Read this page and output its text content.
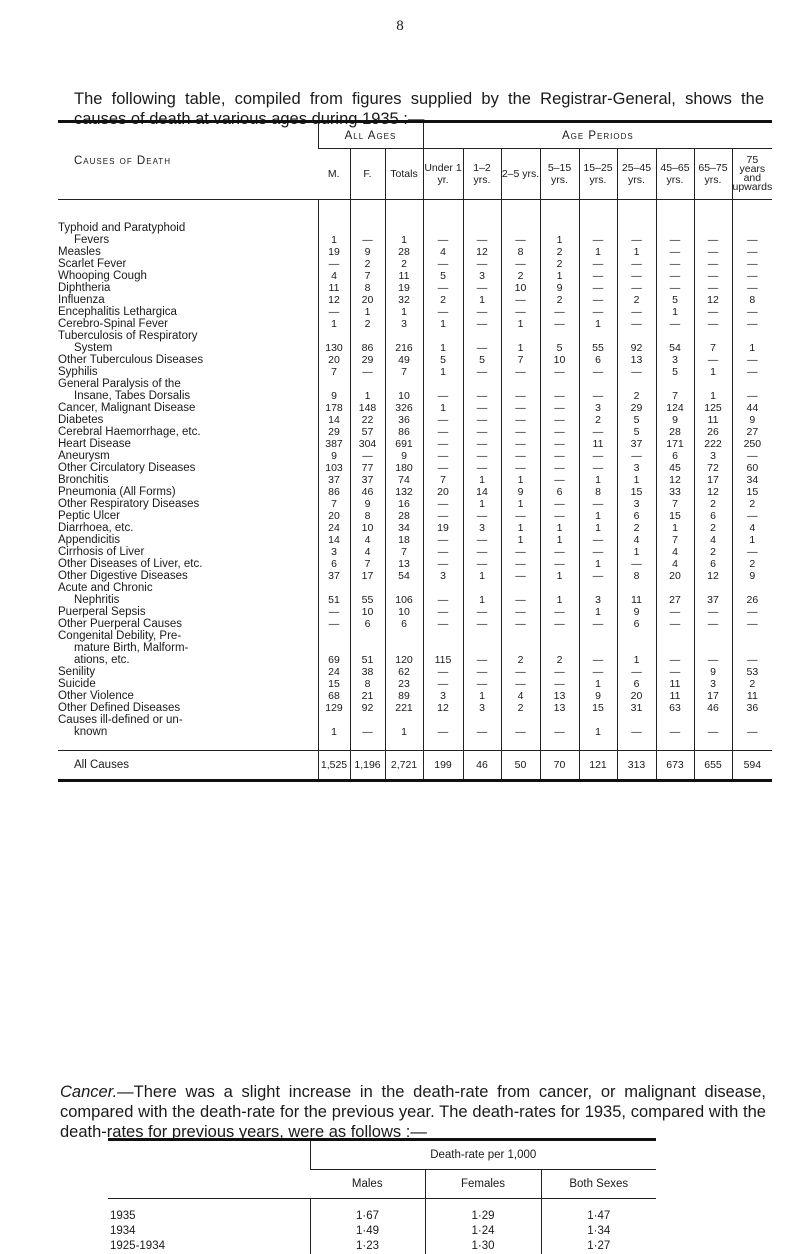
8

The following table, compiled from figures supplied by the Registrar-General, shows the causes of death at various ages during 1935 :—

Causes of Death	All Ages			Age Periods								
	M.	F.	Totals	Under 1 yr.	1–2 yrs.	2–5 yrs.	5–15 yrs.	15–25 yrs.	25–45 yrs.	45–65 yrs.	65–75 yrs.	75 years and upwards

Typhoid and Paratyphoid												
Fevers	1	—	1	—	—	—	1	—	—	—	—	—
Measles	19	9	28	4	12	8	2	1	1	—	—	—
Scarlet Fever	—	2	2	—	—	—	2	—	—	—	—	—
Whooping Cough	4	7	11	5	3	2	1	—	—	—	—	—
Diphtheria	11	8	19	—	—	10	9	—	—	—	—	—
Influenza	12	20	32	2	1	—	2	—	2	5	12	8
Encephalitis Lethargica	—	1	1	—	—	—	—	—	—	1	—	—
Cerebro-Spinal Fever	1	2	3	1	—	1	—	1	—	—	—	—
Tuberculosis of Respiratory												
System	130	86	216	1	—	1	5	55	92	54	7	1
Other Tuberculous Diseases	20	29	49	5	5	7	10	6	13	3	—	—
Syphilis	7	—	7	1	—	—	—	—	—	5	1	—
General Paralysis of the												
Insane, Tabes Dorsalis	9	1	10	—	—	—	—	—	2	7	1	—
Cancer, Malignant Disease	178	148	326	1	—	—	—	3	29	124	125	44
Diabetes	14	22	36	—	—	—	—	2	5	9	11	9
Cerebral Haemorrhage, etc.	29	57	86	—	—	—	—	—	5	28	26	27
Heart Disease	387	304	691	—	—	—	—	11	37	171	222	250
Aneurysm	9	—	9	—	—	—	—	—	—	6	3	—
Other Circulatory Diseases	103	77	180	—	—	—	—	—	3	45	72	60
Bronchitis	37	37	74	7	1	1	—	1	1	12	17	34
Pneumonia (All Forms)	86	46	132	20	14	9	6	8	15	33	12	15
Other Respiratory Diseases	7	9	16	—	1	1	—	—	3	7	2	2
Peptic Ulcer	20	8	28	—	—	—	—	1	6	15	6	—
Diarrhoea, etc.	24	10	34	19	3	1	1	1	2	1	2	4
Appendicitis	14	4	18	—	—	1	1	—	4	7	4	1
Cirrhosis of Liver	3	4	7	—	—	—	—	—	1	4	2	—
Other Diseases of Liver, etc.	6	7	13	—	—	—	—	1	—	4	6	2
Other Digestive Diseases	37	17	54	3	1	—	1	—	8	20	12	9
Acute and Chronic												
Nephritis	51	55	106	—	1	—	1	3	11	27	37	26
Puerperal Sepsis	—	10	10	—	—	—	—	1	9	—	—	—
Other Puerperal Causes	—	6	6	—	—	—	—	—	6	—	—	—
Congenital Debility, Pre-												
mature Birth, Malform-												
ations, etc.	69	51	120	115	—	2	2	—	1	—	—	—
Senility	24	38	62	—	—	—	—	—	—	—	9	53
Suicide	15	8	23	—	—	—	—	1	6	11	3	2
Other Violence	68	21	89	3	1	4	13	9	20	11	17	11
Other Defined Diseases	129	92	221	12	3	2	13	15	31	63	46	36
Causes ill-defined or un-												
known	1	—	1	—	—	—	—	1	—	—	—	—

All Causes	1,525	1,196	2,721	199	46	50	70	121	313	673	655	594

Cancer.—There was a slight increase in the death-rate from cancer, or malignant disease, compared with the death-rate for the previous year. The death-rates for 1935, compared with the death-rates for previous years, were as follows :—

	Death-rate per 1,000		
	Males	Females	Both Sexes

1935	1·67	1·29	1·47
1934	1·49	1·24	1·34
1925-1934	1·23	1·30	1·27
